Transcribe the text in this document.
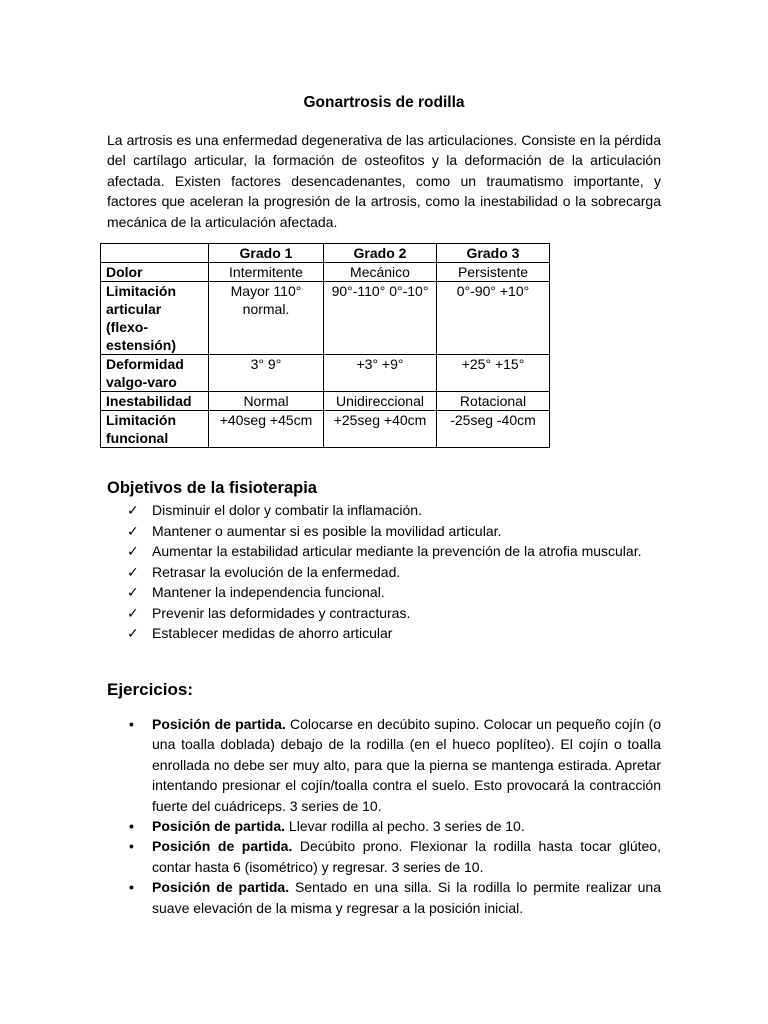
Gonartrosis de rodilla

La artrosis es una enfermedad degenerativa de las articulaciones. Consiste en la pérdida del cartílago articular, la formación de osteofitos y la deformación de la articulación afectada. Existen factores desencadenantes, como un traumatismo importante, y factores que aceleran la progresión de la artrosis, como la inestabilidad o la sobrecarga mecánica de la articulación afectada.

	Grado 1	Grado 2	Grado 3
Dolor	Intermitente	Mecánico	Persistente
Limitación articular (flexo-estensión)	Mayor 110° normal.	90°-110° 0°-10°	0°-90° +10°
Deformidad valgo-varo	3° 9°	+3° +9°	+25° +15°
Inestabilidad	Normal	Unidireccional	Rotacional
Limitación funcional	+40seg +45cm	+25seg +40cm	-25seg -40cm
Objetivos de la fisioterapia
✓ Disminuir el dolor y combatir la inflamación.
✓ Mantener o aumentar si es posible la movilidad articular.
✓ Aumentar la estabilidad articular mediante la prevención de la atrofia muscular.
✓ Retrasar la evolución de la enfermedad.
✓ Mantener la independencia funcional.
✓ Prevenir las deformidades y contracturas.
✓ Establecer medidas de ahorro articular
Ejercicios:
• Posición de partida. Colocarse en decúbito supino. Colocar un pequeño cojín (o una toalla doblada) debajo de la rodilla (en el hueco poplíteo). El cojín o toalla enrollada no debe ser muy alto, para que la pierna se mantenga estirada. Apretar intentando presionar el cojín/toalla contra el suelo. Esto provocará la contracción fuerte del cuádriceps. 3 series de 10.
• Posición de partida. Llevar rodilla al pecho. 3 series de 10.
• Posición de partida. Decúbito prono. Flexionar la rodilla hasta tocar glúteo, contar hasta 6 (isométrico) y regresar. 3 series de 10.
• Posición de partida. Sentado en una silla. Si la rodilla lo permite realizar una suave elevación de la misma y regresar a la posición inicial.
